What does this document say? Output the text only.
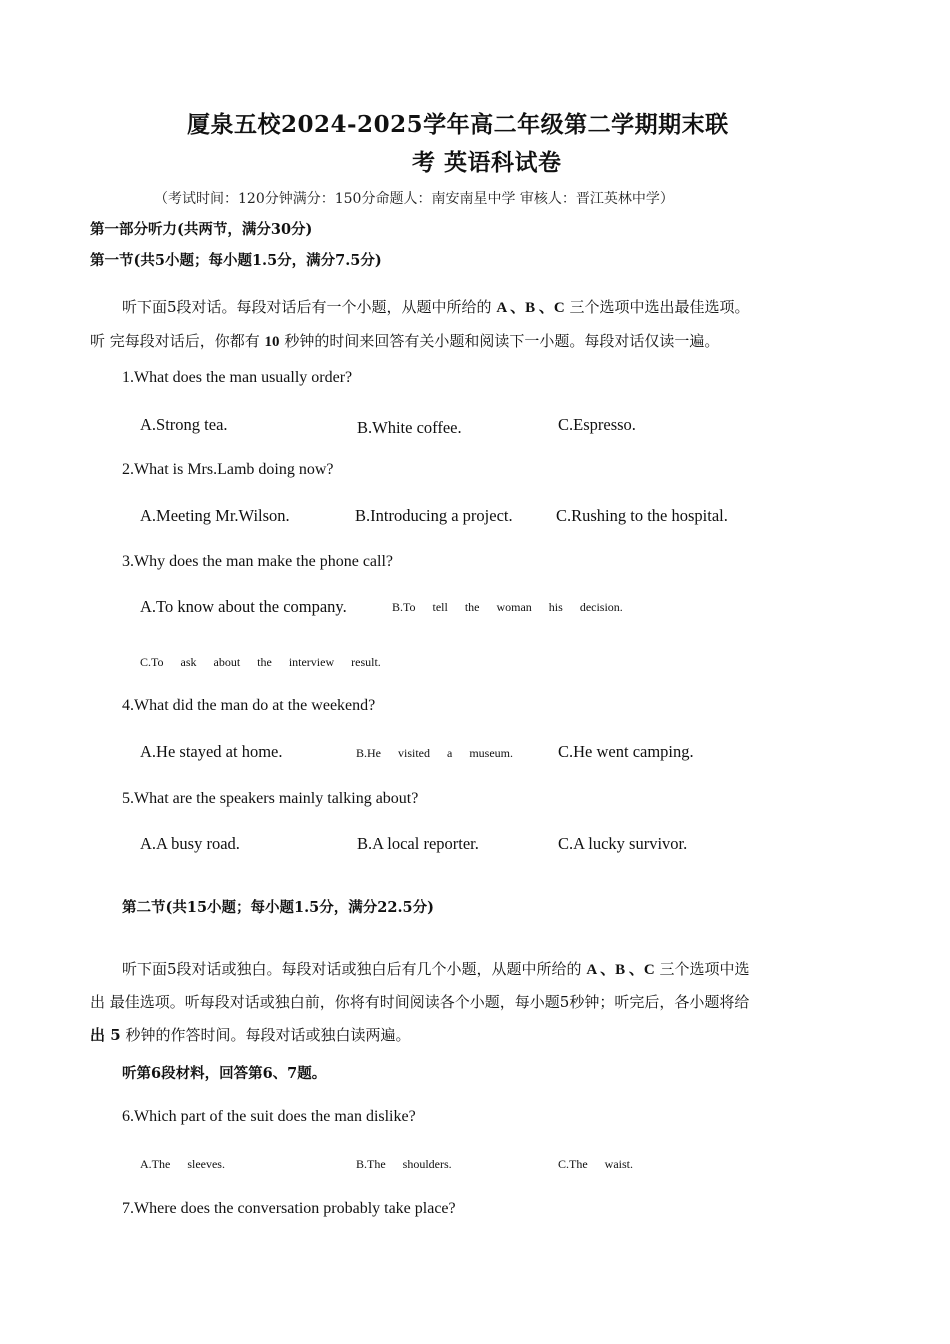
厦泉五校2024-2025学年高二年级第二学期期末联
考 英语科试卷
（考试时间：120分钟满分：150分命题人：南安南星中学 审核人：晋江英林中学）
第一部分听力(共两节，满分30分)
第一节(共5小题；每小题1.5分，满分7.5分)
听下面5段对话。每段对话后有一个小题，从题中所给的 A 、B 、C 三个选项中选出最佳选项。
听 完每段对话后，你都有 10 秒钟的时间来回答有关小题和阅读下一小题。每段对话仅读一遍。
1.What does the man usually order?
A.Strong tea.	B.White coffee.	C.Espresso.
2.What is Mrs.Lamb doing now?
A.Meeting Mr.Wilson.	B.Introducing a project.	C.Rushing to the hospital.
3.Why does the man make the phone call?
A.To know about the company.	B.To tell the woman his decision.
C.To ask about the interview result.
4.What did the man do at the weekend?
A.He stayed at home.	B.He visited a museum.	C.He went camping.
5.What are the speakers mainly talking about?
A.A busy road.	B.A local reporter.	C.A lucky survivor.
第二节(共15小题；每小题1.5分，满分22.5分)
听下面5段对话或独白。每段对话或独白后有几个小题，从题中所给的 A 、B 、C 三个选项中选
出 最佳选项。听每段对话或独白前，你将有时间阅读各个小题，每小题5秒钟；听完后，各小题将给
出 5 秒钟的作答时间。每段对话或独白读两遍。
听第6段材料，回答第6、7题。
6.Which part of the suit does the man dislike?
A.The sleeves.	B.The shoulders.	C.The waist.
7.Where does the conversation probably take place?
